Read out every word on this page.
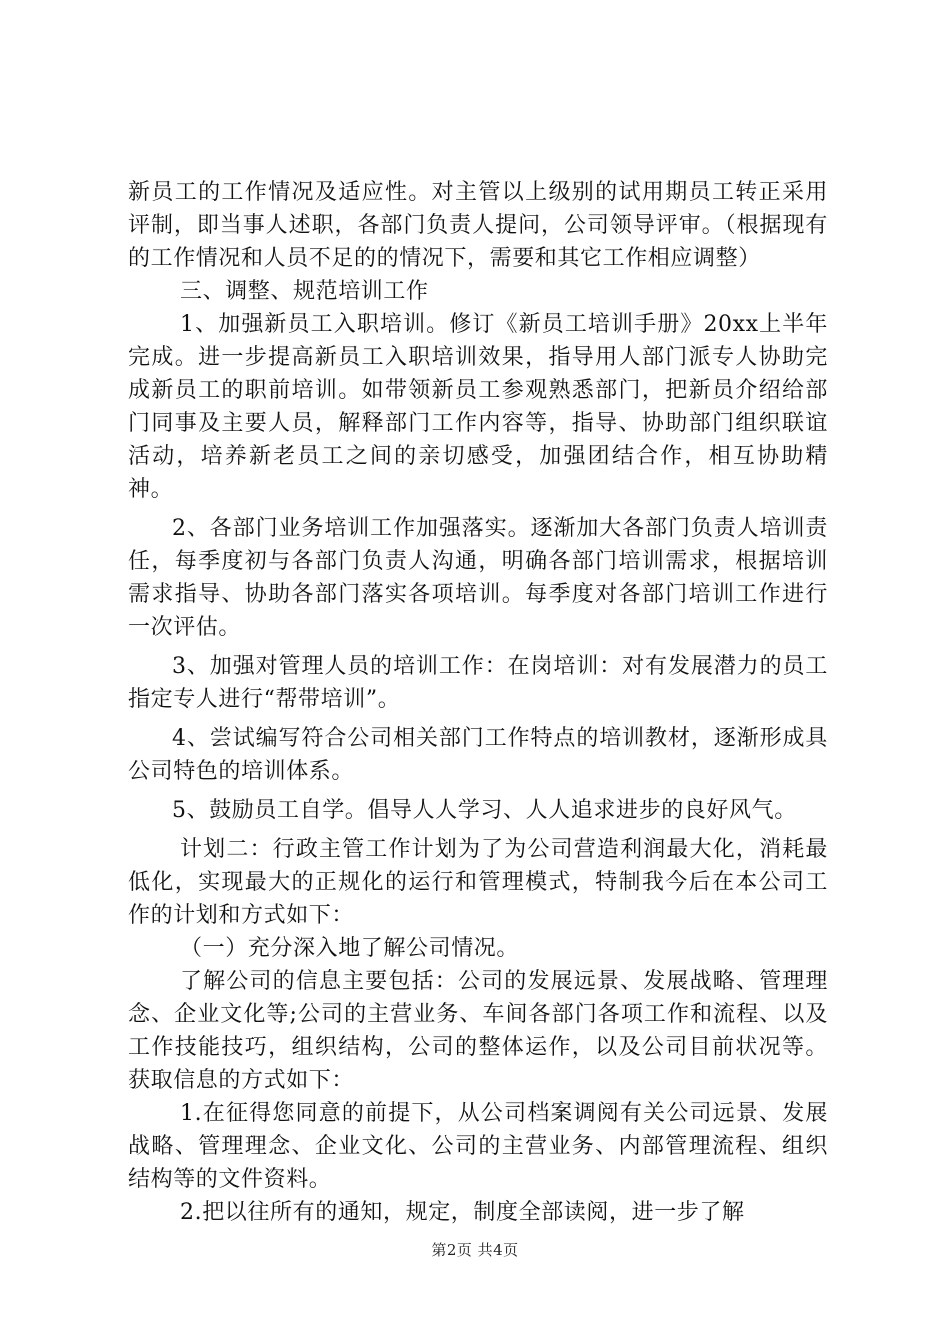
新员工的工作情况及适应性。对主管以上级别的试用期员工转正采用评制，即当事人述职，各部门负责人提问，公司领导评审。（根据现有的工作情况和人员不足的的情况下，需要和其它工作相应调整）

三、调整、规范培训工作

1、加强新员工入职培训。修订《新员工培训手册》20xx上半年完成。进一步提高新员工入职培训效果，指导用人部门派专人协助完成新员工的职前培训。如带领新员工参观熟悉部门，把新员介绍给部门同事及主要人员，解释部门工作内容等，指导、协助部门组织联谊活动，培养新老员工之间的亲切感受，加强团结合作，相互协助精神。

2、各部门业务培训工作加强落实。逐渐加大各部门负责人培训责任，每季度初与各部门负责人沟通，明确各部门培训需求，根据培训需求指导、协助各部门落实各项培训。每季度对各部门培训工作进行一次评估。

3、加强对管理人员的培训工作：在岗培训：对有发展潜力的员工指定专人进行“帮带培训”。

4、尝试编写符合公司相关部门工作特点的培训教材，逐渐形成具公司特色的培训体系。

5、鼓励员工自学。倡导人人学习、人人追求进步的良好风气。

计划二：行政主管工作计划为了为公司营造利润最大化，消耗最低化，实现最大的正规化的运行和管理模式，特制我今后在本公司工作的计划和方式如下：

（一）充分深入地了解公司情况。

了解公司的信息主要包括：公司的发展远景、发展战略、管理理念、企业文化等;公司的主营业务、车间各部门各项工作和流程、以及工作技能技巧，组织结构，公司的整体运作，以及公司目前状况等。获取信息的方式如下：

1.在征得您同意的前提下，从公司档案调阅有关公司远景、发展战略、管理理念、企业文化、公司的主营业务、内部管理流程、组织结构等的文件资料。

2.把以往所有的通知，规定，制度全部读阅，进一步了解

第2页 共4页
